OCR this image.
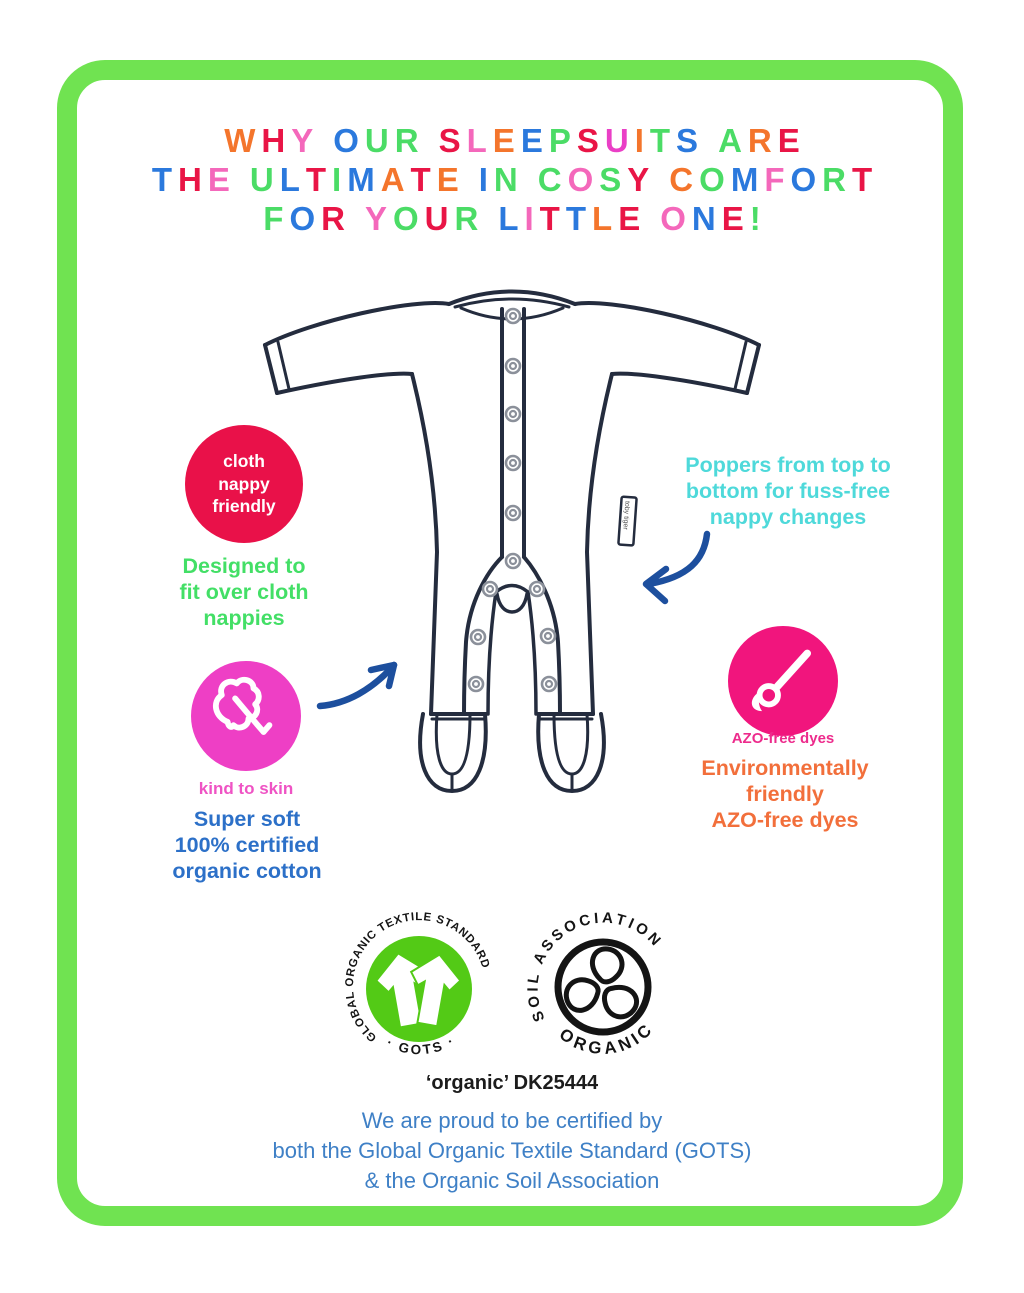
W H Y O U R S L E E P S U I T S A R E
T H E U L T I M A T E I N C O S Y C O M F O R T
F O R Y O U R L I T T L E O N E !
toby tiger
cloth
nappy
friendly
Designed to
fit over cloth
nappies
kind to skin
Super soft
100% certified
organic cotton
Poppers from top to
bottom for fuss-free
nappy changes
AZO-free dyes
Environmentally
friendly
AZO-free dyes
GLOBAL ORGANIC TEXTILE STANDARD
· GOTS ·
SOIL ASSOCIATION
ORGANIC
‘organic’ DK25444
We are proud to be certified by
both the Global Organic Textile Standard (GOTS)
& the Organic Soil Association
